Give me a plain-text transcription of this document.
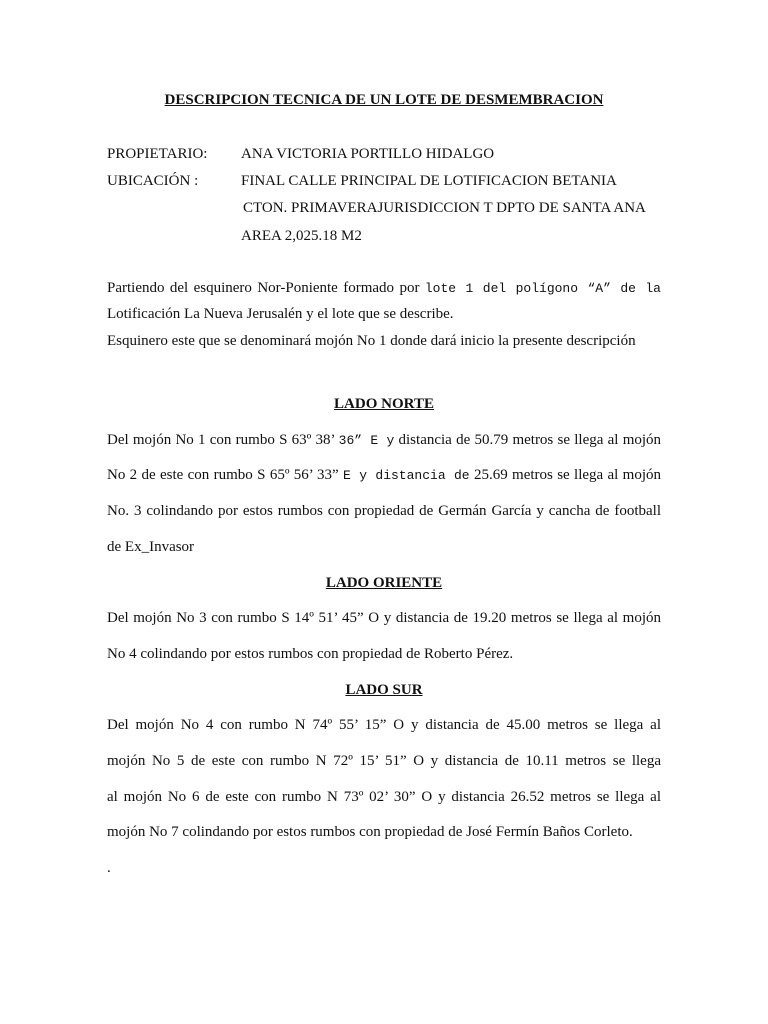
DESCRIPCION TECNICA DE UN LOTE DE DESMEMBRACION
PROPIETARIO: ANA VICTORIA PORTILLO HIDALGO
UBICACIÓN :	FINAL CALLE PRINCIPAL DE LOTIFICACION BETANIA
CTON. PRIMAVERAJURISDICCION T DPTO DE SANTA ANA
AREA 2,025.18 M2
Partiendo del esquinero Nor-Poniente formado por lote 1 del polígono “A” de la
Lotificación La Nueva Jerusalén y el lote que se describe.
Esquinero este que se denominará mojón No 1 donde dará inicio la presente descripción
LADO NORTE
Del mojón No 1 con rumbo S 63º 38’ 36” E y distancia de 50.79 metros se llega al mojón
No 2 de este con rumbo S 65º 56’ 33” E y distancia de 25.69 metros se llega al mojón
No. 3 colindando por estos rumbos con propiedad de Germán García y cancha de football
de Ex_Invasor
LADO ORIENTE
Del mojón No 3 con rumbo S 14º 51’ 45” O y distancia de 19.20 metros se llega al mojón
No 4 colindando por estos rumbos con propiedad de Roberto Pérez.
LADO SUR
Del mojón No 4 con rumbo N 74º 55’ 15” O y distancia de 45.00 metros se llega al
mojón No 5 de este con rumbo N 72º 15’ 51” O y distancia de 10.11 metros se llega
al mojón No 6 de este con rumbo N 73º 02’ 30” O y distancia 26.52 metros se llega al
mojón No 7 colindando por estos rumbos con propiedad de José Fermín Baños Corleto.
.
